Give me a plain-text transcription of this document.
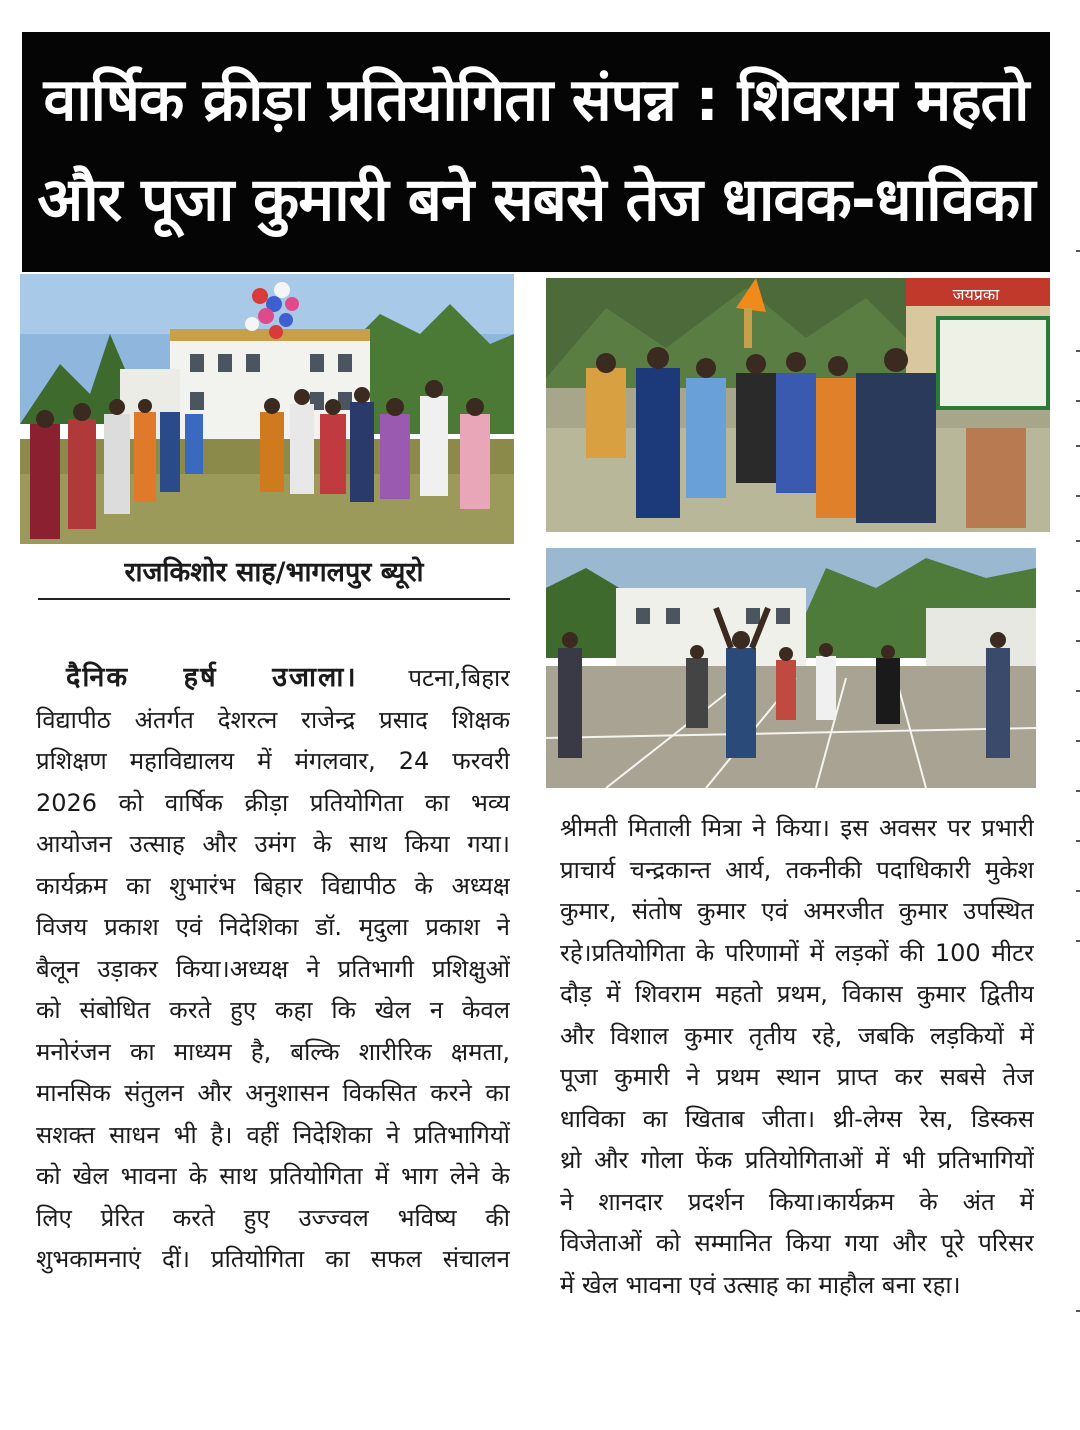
वार्षिक क्रीड़ा प्रतियोगिता संपन्न : शिवराम महतो
और पूजा कुमारी बने सबसे तेज धावक-धाविका
जयप्रका
राजकिशोर साह/भागलपुर ब्यूरो
दैनिक हर्ष उजाला। पटना,बिहार
विद्यापीठ अंतर्गत देशरत्न राजेन्द्र प्रसाद शिक्षक
प्रशिक्षण महाविद्यालय में मंगलवार, 24 फरवरी
2026 को वार्षिक क्रीड़ा प्रतियोगिता का भव्य
आयोजन उत्साह और उमंग के साथ किया गया।
कार्यक्रम का शुभारंभ बिहार विद्यापीठ के अध्यक्ष
विजय प्रकाश एवं निदेशिका डॉ. मृदुला प्रकाश ने
बैलून उड़ाकर किया।अध्यक्ष ने प्रतिभागी प्रशिक्षुओं
को संबोधित करते हुए कहा कि खेल न केवल
मनोरंजन का माध्यम है, बल्कि शारीरिक क्षमता,
मानसिक संतुलन और अनुशासन विकसित करने का
सशक्त साधन भी है। वहीं निदेशिका ने प्रतिभागियों
को खेल भावना के साथ प्रतियोगिता में भाग लेने के
लिए प्रेरित करते हुए उज्ज्वल भविष्य की
शुभकामनाएं दीं। प्रतियोगिता का सफल संचालन
श्रीमती मिताली मित्रा ने किया। इस अवसर पर प्रभारी
प्राचार्य चन्द्रकान्त आर्य, तकनीकी पदाधिकारी मुकेश
कुमार, संतोष कुमार एवं अमरजीत कुमार उपस्थित
रहे।प्रतियोगिता के परिणामों में लड़कों की 100 मीटर
दौड़ में शिवराम महतो प्रथम, विकास कुमार द्वितीय
और विशाल कुमार तृतीय रहे, जबकि लड़कियों में
पूजा कुमारी ने प्रथम स्थान प्राप्त कर सबसे तेज
धाविका का खिताब जीता। थ्री-लेग्स रेस, डिस्कस
थ्रो और गोला फेंक प्रतियोगिताओं में भी प्रतिभागियों
ने शानदार प्रदर्शन किया।कार्यक्रम के अंत में
विजेताओं को सम्मानित किया गया और पूरे परिसर
में खेल भावना एवं उत्साह का माहौल बना रहा।
